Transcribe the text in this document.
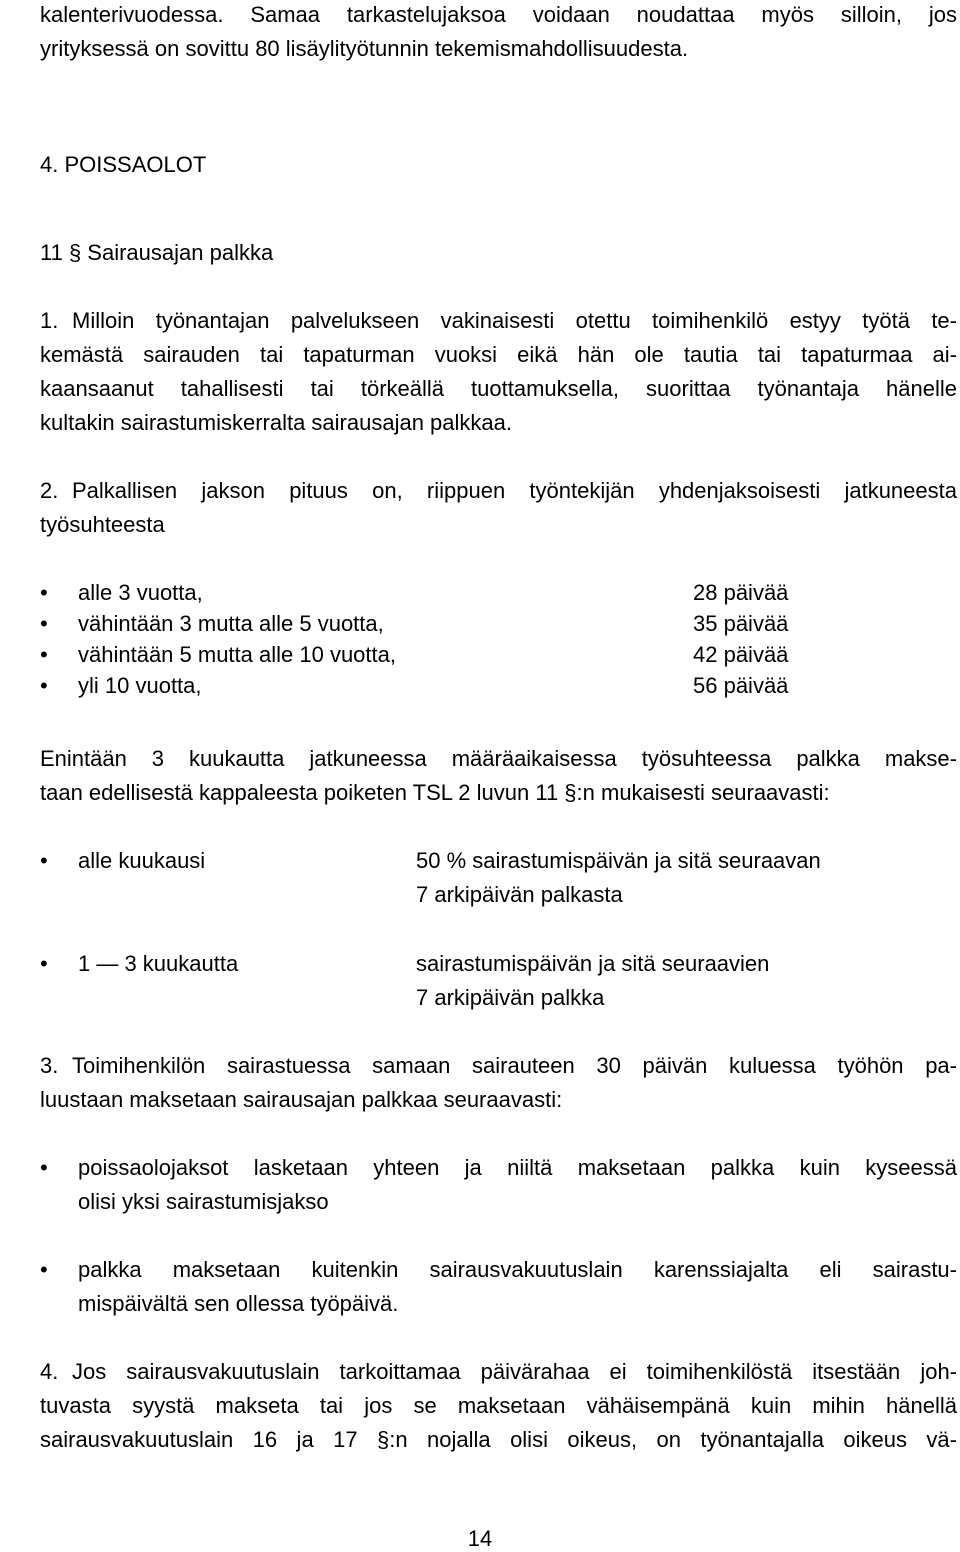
kalenterivuodessa. Samaa tarkastelujaksoa voidaan noudattaa myös silloin, jos
yrityksessä on sovittu 80 lisäylityötunnin tekemismahdollisuudesta.
4. POISSAOLOT
11 § Sairausajan palkka
1. Milloin työnantajan palvelukseen vakinaisesti otettu toimihenkilö estyy työtä te-
kemästä sairauden tai tapaturman vuoksi eikä hän ole tautia tai tapaturmaa ai-
kaansaanut tahallisesti tai törkeällä tuottamuksella, suorittaa työnantaja hänelle
kultakin sairastumiskerralta sairausajan palkkaa.
2. Palkallisen jakson pituus on, riippuen työntekijän yhdenjaksoisesti jatkuneesta
työsuhteesta
• alle 3 vuotta,	28 päivää
• vähintään 3 mutta alle 5 vuotta,	35 päivää
• vähintään 5 mutta alle 10 vuotta,	42 päivää
• yli 10 vuotta,	56 päivää
Enintään 3 kuukautta jatkuneessa määräaikaisessa työsuhteessa palkka makse-
taan edellisestä kappaleesta poiketen TSL 2 luvun 11 §:n mukaisesti seuraavasti:
• alle kuukausi	50 % sairastumispäivän ja sitä seuraavan
7 arkipäivän palkasta
• 1 — 3 kuukautta	sairastumispäivän ja sitä seuraavien
7 arkipäivän palkka
3. Toimihenkilön sairastuessa samaan sairauteen 30 päivän kuluessa työhön pa-
luustaan maksetaan sairausajan palkkaa seuraavasti:
• poissaolojaksot lasketaan yhteen ja niiltä maksetaan palkka kuin kyseessä
olisi yksi sairastumisjakso
• palkka maksetaan kuitenkin sairausvakuutuslain karenssiajalta eli sairastu-
mispäivältä sen ollessa työpäivä.
4. Jos sairausvakuutuslain tarkoittamaa päivärahaa ei toimihenkilöstä itsestään joh-
tuvasta syystä makseta tai jos se maksetaan vähäisempänä kuin mihin hänellä
sairausvakuutuslain 16 ja 17 §:n nojalla olisi oikeus, on työnantajalla oikeus vä-
14
